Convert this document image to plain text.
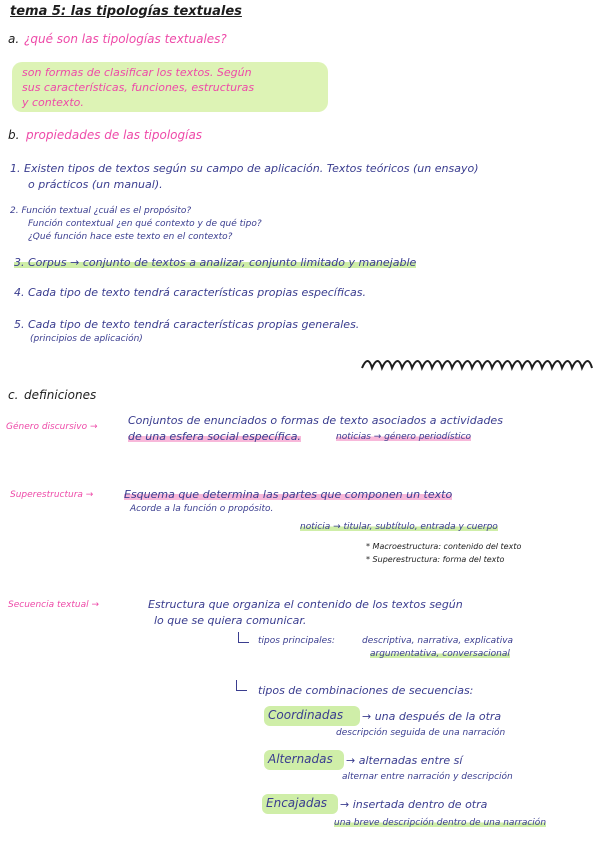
tema 5: las tipologías textuales
a. ¿qué son las tipologías textuales?
son formas de clasificar los textos. Según
sus características, funciones, estructuras
y contexto.
b. propiedades de las tipologías
1. Existen tipos de textos según su campo de aplicación. Textos teóricos (un ensayo)
o prácticos (un manual).
2. Función textual ¿cuál es el propósito?
Función contextual ¿en qué contexto y de qué tipo?
¿Qué función hace este texto en el contexto?
3. Corpus → conjunto de textos a analizar, conjunto limitado y manejable
4. Cada tipo de texto tendrá características propias específicas.
5. Cada tipo de texto tendrá características propias generales.
(principios de aplicación)
c. definiciones
Género discursivo →	Conjuntos de enunciados o formas de texto asociados a actividades
de una esfera social específica.	noticias → género periodístico
Superestructura →	Esquema que determina las partes que componen un texto
Acorde a la función o propósito.
noticia → titular, subtítulo, entrada y cuerpo
* Macroestructura: contenido del texto
* Superestructura: forma del texto
Secuencia textual →	Estructura que organiza el contenido de los textos según
lo que se quiera comunicar.
tipos principales:	descriptiva, narrativa, explicativa
argumentativa, conversacional
tipos de combinaciones de secuencias:
Coordinadas → una después de la otra
descripción seguida de una narración
Alternadas → alternadas entre sí
alternar entre narración y descripción
Encajadas → insertada dentro de otra
una breve descripción dentro de una narración
